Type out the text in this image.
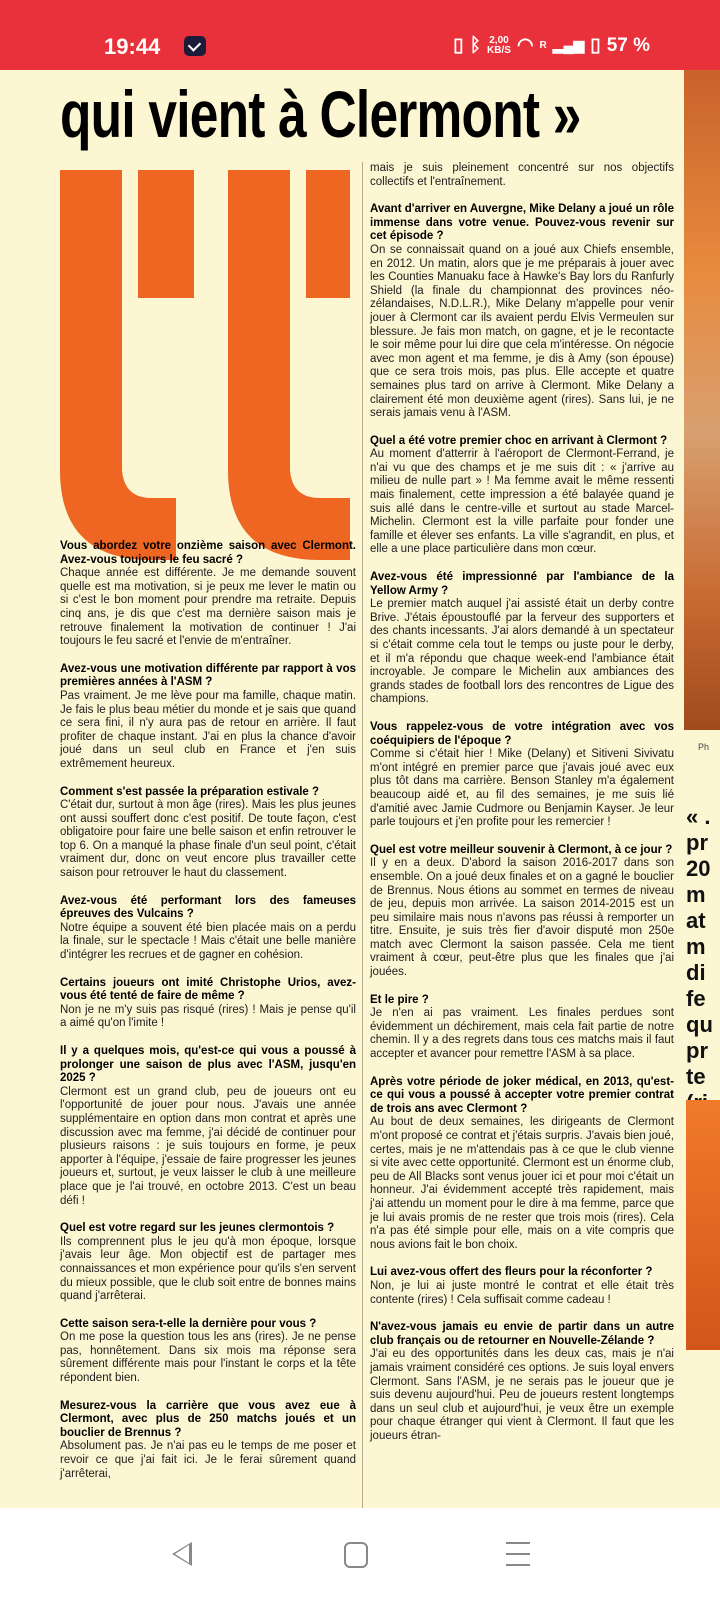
19:44	▯ ᛒ 2,00
KB/S ◠ R ▂▄▆ ▯ 57 %
qui vient à Clermont »

Vous abordez votre onzième saison avec Clermont. Avez-vous toujours le feu sacré ?

Chaque année est différente. Je me demande souvent quelle est ma motivation, si je peux me lever le matin ou si c'est le bon moment pour prendre ma retraite. Depuis cinq ans, je dis que c'est ma dernière saison mais je retrouve finalement la motivation de continuer ! J'ai toujours le feu sacré et l'envie de m'entraîner.

Avez-vous une motivation différente par rapport à vos premières années à l'ASM ?

Pas vraiment. Je me lève pour ma famille, chaque matin. Je fais le plus beau métier du monde et je sais que quand ce sera fini, il n'y aura pas de retour en arrière. Il faut profiter de chaque instant. J'ai en plus la chance d'avoir joué dans un seul club en France et j'en suis extrêmement heureux.

Comment s'est passée la préparation estivale ?

C'était dur, surtout à mon âge (rires). Mais les plus jeunes ont aussi souffert donc c'est positif. De toute façon, c'est obligatoire pour faire une belle saison et enfin retrouver le top 6. On a manqué la phase finale d'un seul point, c'était vraiment dur, donc on veut encore plus travailler cette saison pour retrouver le haut du classement.

Avez-vous été performant lors des fameuses épreuves des Vulcains ?

Notre équipe a souvent été bien placée mais on a perdu la finale, sur le spectacle ! Mais c'était une belle manière d'intégrer les recrues et de gagner en cohésion.

Certains joueurs ont imité Christophe Urios, avez-vous été tenté de faire de même ?

Non je ne m'y suis pas risqué (rires) ! Mais je pense qu'il a aimé qu'on l'imite !

Il y a quelques mois, qu'est-ce qui vous a poussé à prolonger une saison de plus avec l'ASM, jusqu'en 2025 ?

Clermont est un grand club, peu de joueurs ont eu l'opportunité de jouer pour nous. J'avais une année supplémentaire en option dans mon contrat et après une discussion avec ma femme, j'ai décidé de continuer pour plusieurs raisons : je suis toujours en forme, je peux apporter à l'équipe, j'essaie de faire progresser les jeunes joueurs et, surtout, je veux laisser le club à une meilleure place que je l'ai trouvé, en octobre 2013. C'est un beau défi !

Quel est votre regard sur les jeunes clermontois ?

Ils comprennent plus le jeu qu'à mon époque, lorsque j'avais leur âge. Mon objectif est de partager mes connaissances et mon expérience pour qu'ils s'en servent du mieux possible, que le club soit entre de bonnes mains quand j'arrêterai.

Cette saison sera-t-elle la dernière pour vous ?

On me pose la question tous les ans (rires). Je ne pense pas, honnêtement. Dans six mois ma réponse sera sûrement différente mais pour l'instant le corps et la tête répondent bien.

Mesurez-vous la carrière que vous avez eue à Clermont, avec plus de 250 matchs joués et un bouclier de Brennus ?

Absolument pas. Je n'ai pas eu le temps de me poser et revoir ce que j'ai fait ici. Je le ferai sûrement quand j'arrêterai,

mais je suis pleinement concentré sur nos objectifs collectifs et l'entraînement.

Avant d'arriver en Auvergne, Mike Delany a joué un rôle immense dans votre venue. Pouvez-vous revenir sur cet épisode ?

On se connaissait quand on a joué aux Chiefs ensemble, en 2012. Un matin, alors que je me préparais à jouer avec les Counties Manuaku face à Hawke's Bay lors du Ranfurly Shield (la finale du championnat des provinces néo-zélandaises, N.D.L.R.), Mike Delany m'appelle pour venir jouer à Clermont car ils avaient perdu Elvis Vermeulen sur blessure. Je fais mon match, on gagne, et je le recontacte le soir même pour lui dire que cela m'intéresse. On négocie avec mon agent et ma femme, je dis à Amy (son épouse) que ce sera trois mois, pas plus. Elle accepte et quatre semaines plus tard on arrive à Clermont. Mike Delany a clairement été mon deuxième agent (rires). Sans lui, je ne serais jamais venu à l'ASM.

Quel a été votre premier choc en arrivant à Clermont ?

Au moment d'atterrir à l'aéroport de Clermont-Ferrand, je n'ai vu que des champs et je me suis dit : « j'arrive au milieu de nulle part » ! Ma femme avait le même ressenti mais finalement, cette impression a été balayée quand je suis allé dans le centre-ville et surtout au stade Marcel-Michelin. Clermont est la ville parfaite pour fonder une famille et élever ses enfants. La ville s'agrandit, en plus, et elle a une place particulière dans mon cœur.

Avez-vous été impressionné par l'ambiance de la Yellow Army ?

Le premier match auquel j'ai assisté était un derby contre Brive. J'étais époustouflé par la ferveur des supporters et des chants incessants. J'ai alors demandé à un spectateur si c'était comme cela tout le temps ou juste pour le derby, et il m'a répondu que chaque week-end l'ambiance était incroyable. Je compare le Michelin aux ambiances des grands stades de football lors des rencontres de Ligue des champions.

Vous rappelez-vous de votre intégration avec vos coéquipiers de l'époque ?

Comme si c'était hier ! Mike (Delany) et Sitiveni Sivivatu m'ont intégré en premier parce que j'avais joué avec eux plus tôt dans ma carrière. Benson Stanley m'a également beaucoup aidé et, au fil des semaines, je me suis lié d'amitié avec Jamie Cudmore ou Benjamin Kayser. Je leur parle toujours et j'en profite pour les remercier !

Quel est votre meilleur souvenir à Clermont, à ce jour ?

Il y en a deux. D'abord la saison 2016-2017 dans son ensemble. On a joué deux finales et on a gagné le bouclier de Brennus. Nous étions au sommet en termes de niveau de jeu, depuis mon arrivée. La saison 2014-2015 est un peu similaire mais nous n'avons pas réussi à remporter un titre. Ensuite, je suis très fier d'avoir disputé mon 250e match avec Clermont la saison passée. Cela me tient vraiment à cœur, peut-être plus que les finales que j'ai jouées.

Et le pire ?

Je n'en ai pas vraiment. Les finales perdues sont évidemment un déchirement, mais cela fait partie de notre chemin. Il y a des regrets dans tous ces matchs mais il faut accepter et avancer pour remettre l'ASM à sa place.

Après votre période de joker médical, en 2013, qu'est-ce qui vous a poussé à accepter votre premier contrat de trois ans avec Clermont ?

Au bout de deux semaines, les dirigeants de Clermont m'ont proposé ce contrat et j'étais surpris. J'avais bien joué, certes, mais je ne m'attendais pas à ce que le club vienne si vite avec cette opportunité. Clermont est un énorme club, peu de All Blacks sont venus jouer ici et pour moi c'était un honneur. J'ai évidemment accepté très rapidement, mais j'ai attendu un moment pour le dire à ma femme, parce que je lui avais promis de ne rester que trois mois (rires). Cela n'a pas été simple pour elle, mais on a vite compris que nous avions fait le bon choix.

Lui avez-vous offert des fleurs pour la réconforter ?

Non, je lui ai juste montré le contrat et elle était très contente (rires) ! Cela suffisait comme cadeau !

N'avez-vous jamais eu envie de partir dans un autre club français ou de retourner en Nouvelle-Zélande ?

J'ai eu des opportunités dans les deux cas, mais je n'ai jamais vraiment considéré ces options. Je suis loyal envers Clermont. Sans l'ASM, je ne serais pas le joueur que je suis devenu aujourd'hui. Peu de joueurs restent longtemps dans un seul club et aujourd'hui, je veux être un exemple pour chaque étranger qui vient à Clermont. Il faut que les joueurs étran-

Ph
« .
pr
20
m
at
m
di
fe
qu
pr
te
